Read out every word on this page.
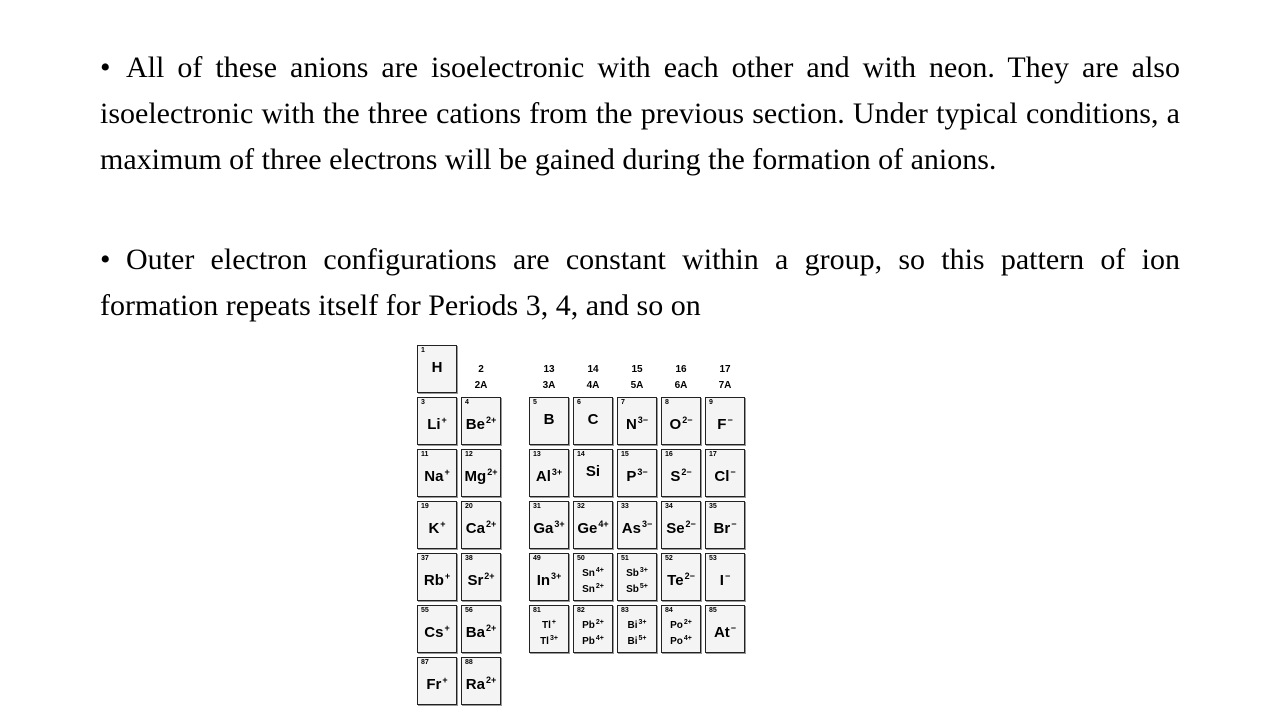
• All of these anions are isoelectronic with each other and with neon. They are also isoelectronic with the three cations from the previous section. Under typical conditions, a maximum of three electrons will be gained during the formation of anions.

• Outer electron configurations are constant within a group, so this pattern of ion formation repeats itself for Periods 3, 4, and so on

2
2A
13
3A
14
4A
15
5A
16
6A
17
7A
1
H
3
Li+
4
$Be^{2+}$
5
B
6
C
7
$N^{3-}$
8
$O^{2-}$
9
F−
11
Na+
12
$Mg^{2+}$
13
$Al^{3+}$
14
Si
15
$P^{3-}$
16
$S^{2-}$
17
Cl−
19
K+
20
$Ca^{2+}$
31
$Ga^{3+}$
32
$Ge^{4+}$
33
$As^{3-}$
34
$Se^{2-}$
35
Br−
37
Rb+
38
$Sr^{2+}$
49
$In^{3+}$
50
$Sn^{4+}$
$Sn^{2+}$
51
$Sb^{3+}$
$Sb^{5+}$
52
$Te^{2-}$
53
I−
55
Cs+
56
$Ba^{2+}$
81
Tl+
$Tl^{3+}$
82
$Pb^{2+}$
$Pb^{4+}$
83
$Bi^{3+}$
$Bi^{5+}$
84
$Po^{2+}$
$Po^{4+}$
85
At−
87
Fr+
88
$Ra^{2+}$
